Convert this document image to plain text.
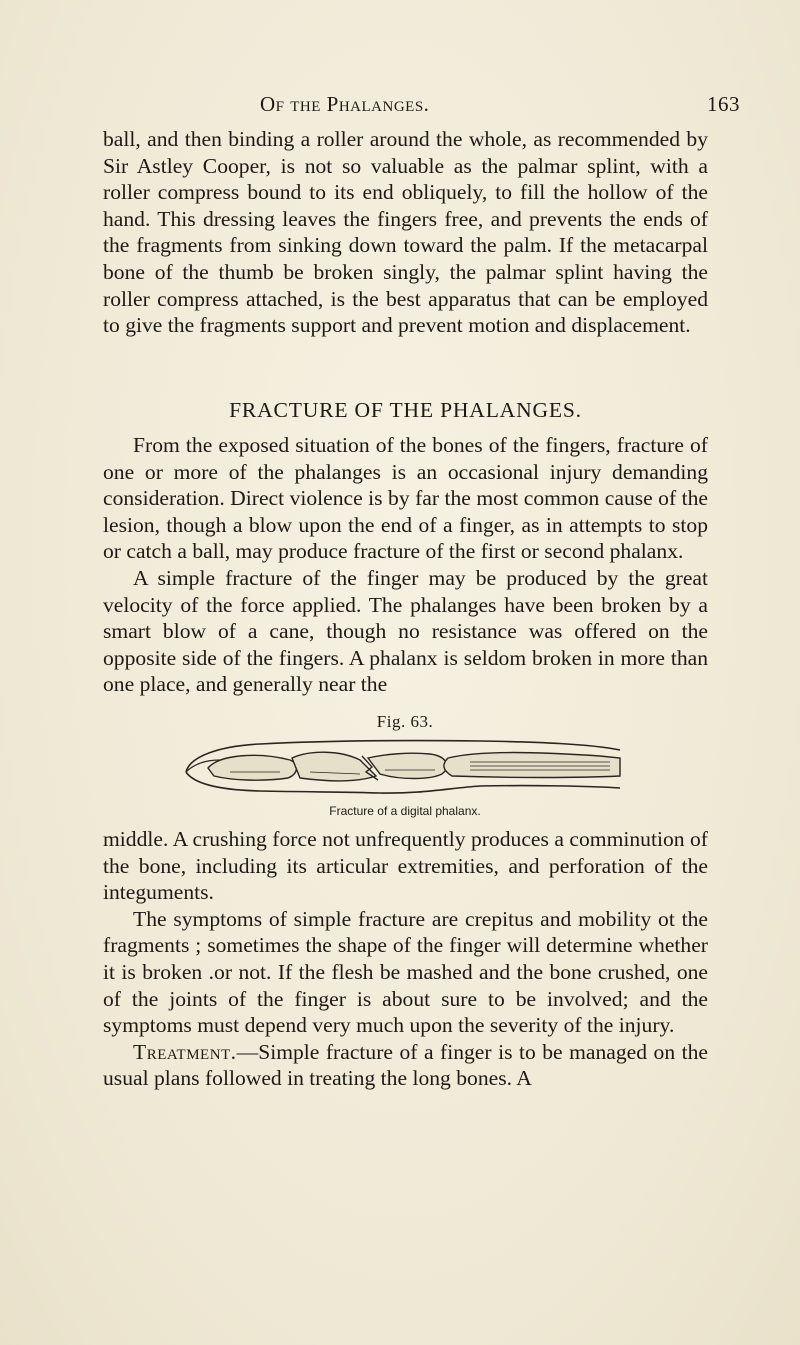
Of the Phalanges.	163

ball, and then binding a roller around the whole, as recommended by Sir Astley Cooper, is not so valuable as the palmar splint, with a roller compress bound to its end obliquely, to fill the hollow of the hand. This dressing leaves the fingers free, and prevents the ends of the fragments from sinking down toward the palm. If the metacarpal bone of the thumb be broken singly, the palmar splint having the roller compress attached, is the best apparatus that can be employed to give the fragments support and prevent motion and displacement.

FRACTURE OF THE PHALANGES.

From the exposed situation of the bones of the fingers, fracture of one or more of the phalanges is an occasional injury demanding consideration. Direct violence is by far the most common cause of the lesion, though a blow upon the end of a finger, as in attempts to stop or catch a ball, may produce fracture of the first or second phalanx.

A simple fracture of the finger may be produced by the great velocity of the force applied. The phalanges have been broken by a smart blow of a cane, though no resistance was offered on the opposite side of the fingers. A phalanx is seldom broken in more than one place, and generally near the

Fig. 63.
Fracture of a digital phalanx.

middle. A crushing force not unfrequently produces a comminution of the bone, including its articular extremities, and perforation of the integuments.

The symptoms of simple fracture are crepitus and mobility ot the fragments ; sometimes the shape of the finger will determine whether it is broken .or not. If the flesh be mashed and the bone crushed, one of the joints of the finger is about sure to be involved; and the symptoms must depend very much upon the severity of the injury.

Treatment.—Simple fracture of a finger is to be managed on the usual plans followed in treating the long bones. A
